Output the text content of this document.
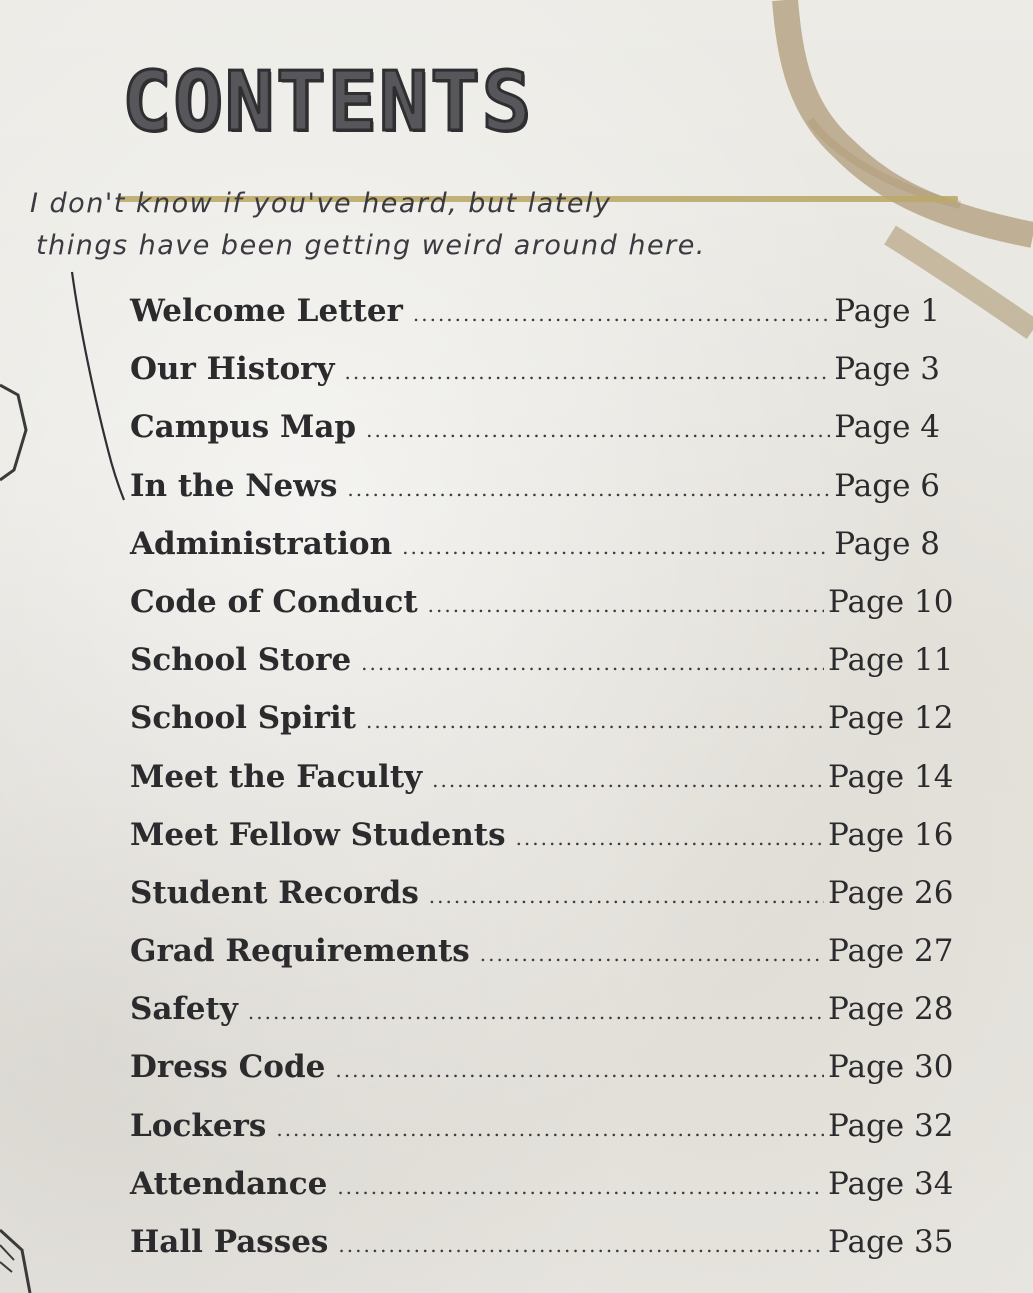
CONTENTS
I don't know if you've heard, but lately
things have been getting weird around here.
Welcome Letter .....	Page 1
Our History .....	Page 3
Campus Map .....	Page 4
In the News .....	Page 6
Administration .....	Page 8
Code of Conduct .....	Page 10
School Store .....	Page 11
School Spirit .....	Page 12
Meet the Faculty .....	Page 14
Meet Fellow Students .....	Page 16
Student Records .....	Page 26
Grad Requirements .....	Page 27
Safety .....	Page 28
Dress Code .....	Page 30
Lockers .....	Page 32
Attendance .....	Page 34
Hall Passes .....	Page 35
